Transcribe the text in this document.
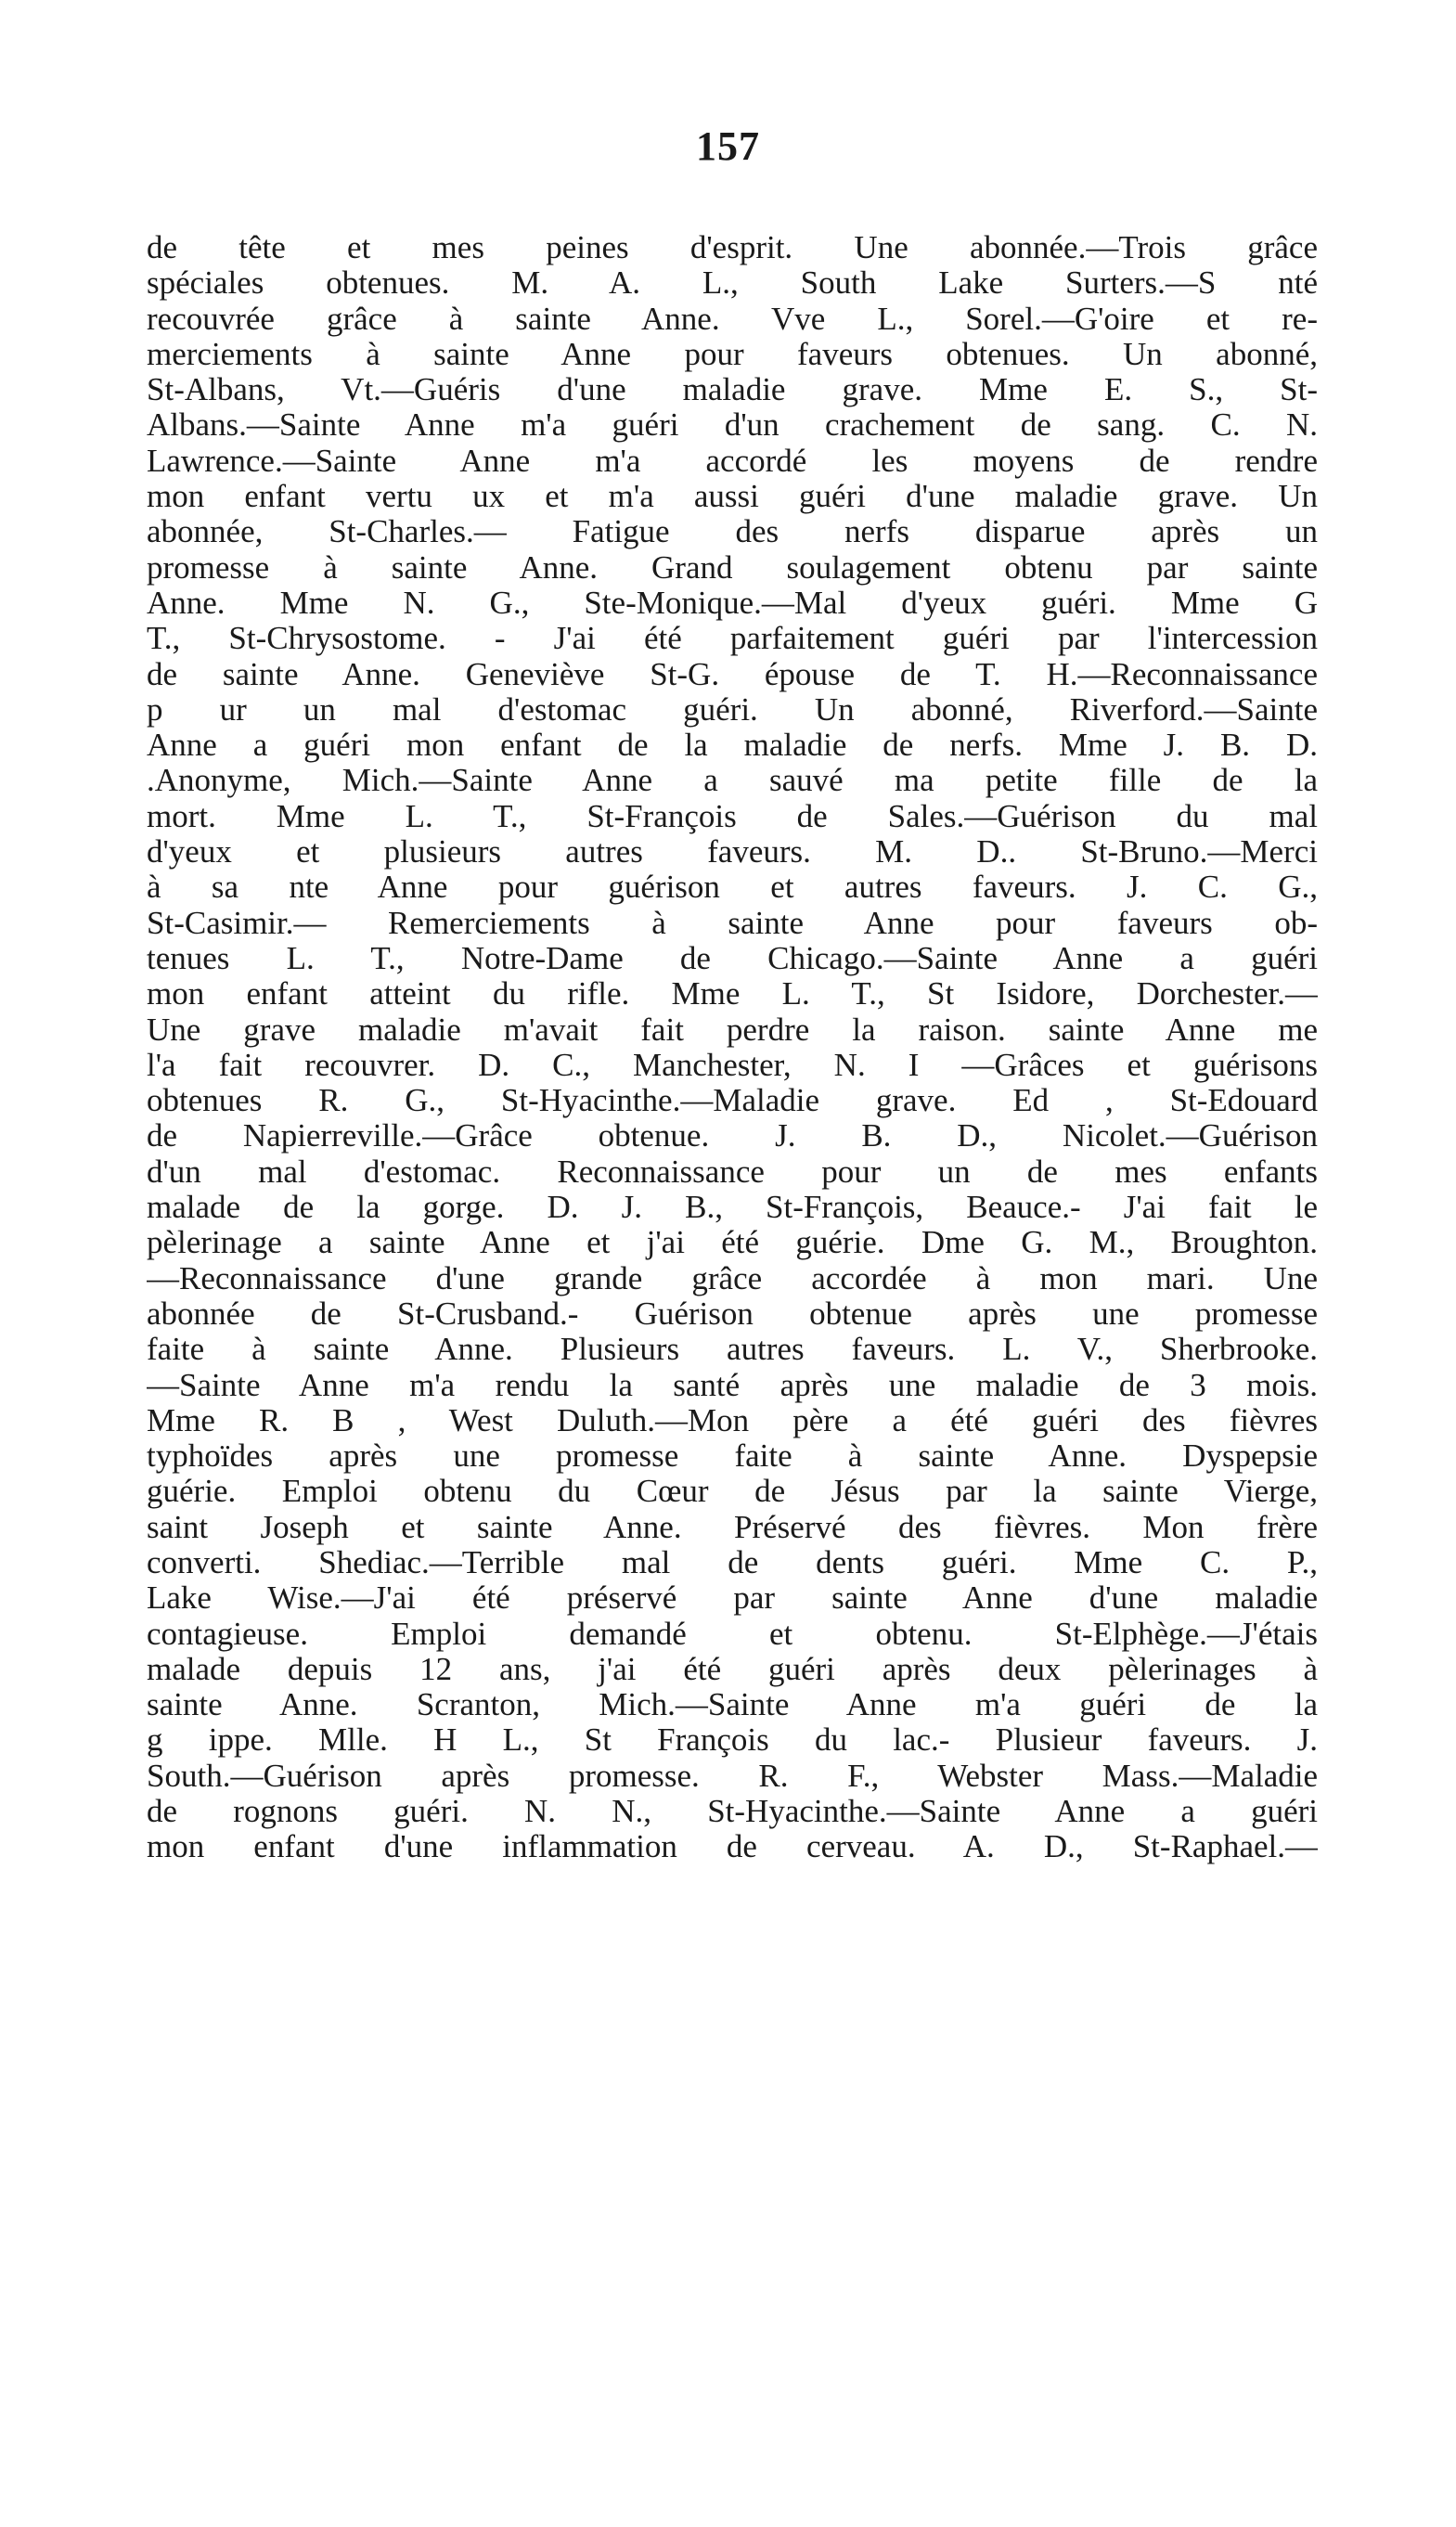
157
de tête et mes peines d'esprit. Une abonnée.—Trois grâce
spéciales obtenues. M. A. L., South Lake Surters.—S nté
recouvrée grâce à sainte Anne. Vve L., Sorel.—G'oire et re-
merciements à sainte Anne pour faveurs obtenues. Un abonné,
St-Albans, Vt.—Guéris d'une maladie grave. Mme E. S., St-
Albans.—Sainte Anne m'a guéri d'un crachement de sang. C. N.
Lawrence.—Sainte Anne m'a accordé les moyens de rendre
mon enfant vertu ux et m'a aussi guéri d'une maladie grave. Un
abonnée, St-Charles.— Fatigue des nerfs disparue après un
promesse à sainte Anne. Grand soulagement obtenu par sainte
Anne. Mme N. G., Ste-Monique.—Mal d'yeux guéri. Mme G
T., St-Chrysostome. - J'ai été parfaitement guéri par l'intercession
de sainte Anne. Geneviève St-G. épouse de T. H.—Reconnaissance
p ur un mal d'estomac guéri. Un abonné, Riverford.—Sainte
Anne a guéri mon enfant de la maladie de nerfs. Mme J. B. D.
.Anonyme, Mich.—Sainte Anne a sauvé ma petite fille de la
mort. Mme L. T., St-François de Sales.—Guérison du mal
d'yeux et plusieurs autres faveurs. M. D.. St-Bruno.—Merci
à sa nte Anne pour guérison et autres faveurs. J. C. G.,
St-Casimir.— Remerciements à sainte Anne pour faveurs ob-
tenues L. T., Notre-Dame de Chicago.—Sainte Anne a guéri
mon enfant atteint du rifle. Mme L. T., St Isidore, Dorchester.—
Une grave maladie m'avait fait perdre la raison. sainte Anne me
l'a fait recouvrer. D. C., Manchester, N. I —Grâces et guérisons
obtenues R. G., St-Hyacinthe.—Maladie grave. Ed , St-Edouard
de Napierreville.—Grâce obtenue. J. B. D., Nicolet.—Guérison
d'un mal d'estomac. Reconnaissance pour un de mes enfants
malade de la gorge. D. J. B., St-François, Beauce.- J'ai fait le
pèlerinage a sainte Anne et j'ai été guérie. Dme G. M., Broughton.
—Reconnaissance d'une grande grâce accordée à mon mari. Une
abonnée de St-Crusband.- Guérison obtenue après une promesse
faite à sainte Anne. Plusieurs autres faveurs. L. V., Sherbrooke.
—Sainte Anne m'a rendu la santé après une maladie de 3 mois.
Mme R. B , West Duluth.—Mon père a été guéri des fièvres
typhoïdes après une promesse faite à sainte Anne. Dyspepsie
guérie. Emploi obtenu du Cœur de Jésus par la sainte Vierge,
saint Joseph et sainte Anne. Préservé des fièvres. Mon frère
converti. Shediac.—Terrible mal de dents guéri. Mme C. P.,
Lake Wise.—J'ai été préservé par sainte Anne d'une maladie
contagieuse. Emploi demandé et obtenu. St-Elphège.—J'étais
malade depuis 12 ans, j'ai été guéri après deux pèlerinages à
sainte Anne. Scranton, Mich.—Sainte Anne m'a guéri de la
g ippe. Mlle. H L., St François du lac.- Plusieur faveurs. J.
South.—Guérison après promesse. R. F., Webster Mass.—Maladie
de rognons guéri. N. N., St-Hyacinthe.—Sainte Anne a guéri
mon enfant d'une inflammation de cerveau. A. D., St-Raphael.—
